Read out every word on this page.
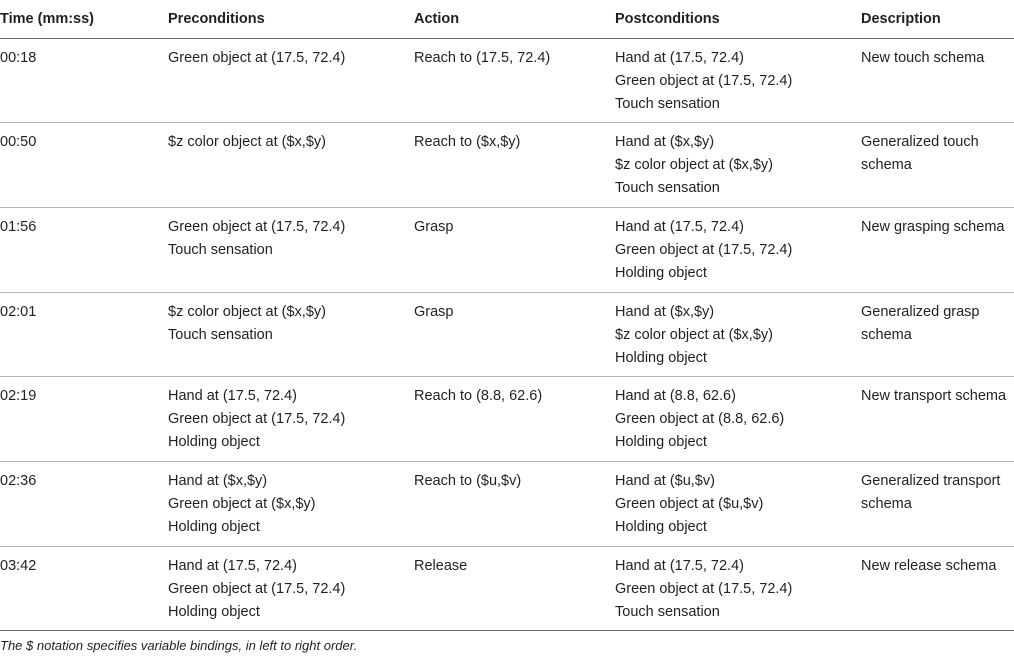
Time (mm:ss)	Preconditions	Action	Postconditions	Description

00:18	Green object at (17.5, 72.4)	Reach to (17.5, 72.4)	Hand at (17.5, 72.4)
Green object at (17.5, 72.4)
Touch sensation	New touch schema

00:50	$z color object at ($x,$y)	Reach to ($x,$y)	Hand at ($x,$y)
$z color object at ($x,$y)
Touch sensation	Generalized touch schema

01:56	Green object at (17.5, 72.4)
Touch sensation	Grasp	Hand at (17.5, 72.4)
Green object at (17.5, 72.4)
Holding object	New grasping schema

02:01	$z color object at ($x,$y)
Touch sensation	Grasp	Hand at ($x,$y)
$z color object at ($x,$y)
Holding object	Generalized grasp schema

02:19	Hand at (17.5, 72.4)
Green object at (17.5, 72.4)
Holding object	Reach to (8.8, 62.6)	Hand at (8.8, 62.6)
Green object at (8.8, 62.6)
Holding object	New transport schema

02:36	Hand at ($x,$y)
Green object at ($x,$y)
Holding object	Reach to ($u,$v)	Hand at ($u,$v)
Green object at ($u,$v)
Holding object	Generalized transport schema

03:42	Hand at (17.5, 72.4)
Green object at (17.5, 72.4)
Holding object	Release	Hand at (17.5, 72.4)
Green object at (17.5, 72.4)
Touch sensation	New release schema
The $ notation specifies variable bindings, in left to right order.
